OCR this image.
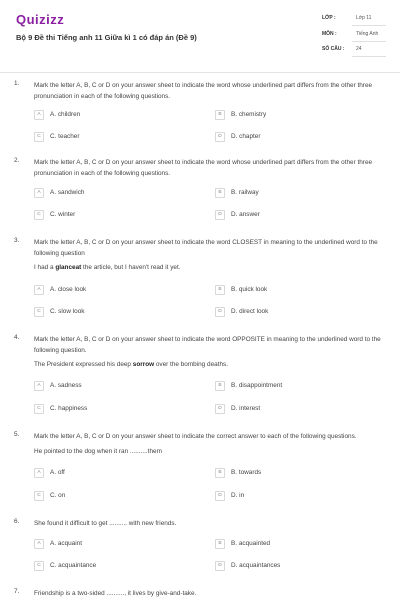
Quizizz
Bộ 9 Đề thi Tiếng anh 11 Giữa kì 1 có đáp án (Đề 9)
LỚP :	Lớp 11
MÔN :	Tiếng Anh
SỐ CÂU : 24
1. Mark the letter A, B, C or D on your answer sheet to indicate the word whose underlined part differs from the other three pronunciation in each of the following questions.
A	A. children	B	B. chemistry
C	C. teacher	D	D. chapter
2. Mark the letter A, B, C or D on your answer sheet to indicate the word whose underlined part differs from the other three pronunciation in each of the following questions.
A	A. sandwich	B	B. railway
C	C. winter	D	D. answer
3. Mark the letter A, B, C or D on your answer sheet to indicate the word CLOSEST in meaning to the underlined word to the following question
I had a glanceat the article, but I haven't read it yet.
A	A. close look	B	B. quick look
C	C. slow look	D	D. direct look
4. Mark the letter A, B, C or D on your answer sheet to indicate the word OPPOSITE in meaning to the underlined word to the following question.
The President expressed his deep sorrow over the bombing deaths.
A	A. sadness	B	B. disappointment
C	C. happiness	D	D. interest
5. Mark the letter A, B, C or D on your answer sheet to indicate the correct answer to each of the following questions.
He pointed to the dog when it ran ..........them
A	A. off	B	B. towards
C	C. on	D	D. in
6. She found it difficult to get .......... with new friends.
A	A. acquaint	B	B. acquainted
C	C. acquaintance	D	D. acquaintances
7. Friendship is a two-sided .........., it lives by give-and-take.
